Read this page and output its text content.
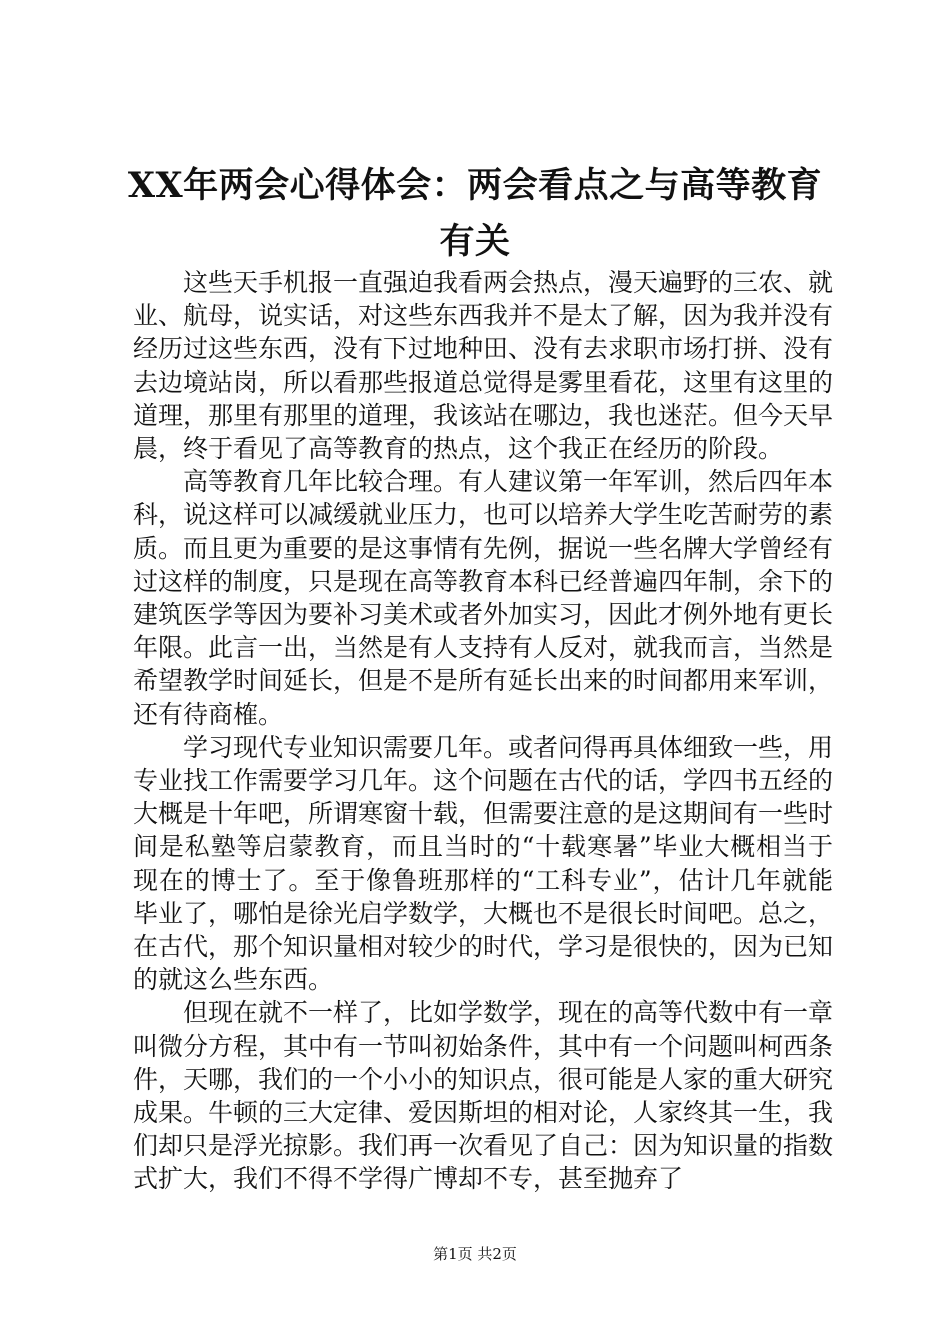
XX年两会心得体会：两会看点之与高等教育
有关

这些天手机报一直强迫我看两会热点，漫天遍野的三农、就业、航母，说实话，对这些东西我并不是太了解，因为我并没有经历过这些东西，没有下过地种田、没有去求职市场打拼、没有去边境站岗，所以看那些报道总觉得是雾里看花，这里有这里的道理，那里有那里的道理，我该站在哪边，我也迷茫。但今天早晨，终于看见了高等教育的热点，这个我正在经历的阶段。

高等教育几年比较合理。有人建议第一年军训，然后四年本科，说这样可以减缓就业压力，也可以培养大学生吃苦耐劳的素质。而且更为重要的是这事情有先例，据说一些名牌大学曾经有过这样的制度，只是现在高等教育本科已经普遍四年制，余下的建筑医学等因为要补习美术或者外加实习，因此才例外地有更长年限。此言一出，当然是有人支持有人反对，就我而言，当然是希望教学时间延长，但是不是所有延长出来的时间都用来军训，还有待商榷。

学习现代专业知识需要几年。或者问得再具体细致一些，用专业找工作需要学习几年。这个问题在古代的话，学四书五经的大概是十年吧，所谓寒窗十载，但需要注意的是这期间有一些时间是私塾等启蒙教育，而且当时的“十载寒暑”毕业大概相当于现在的博士了。至于像鲁班那样的“工科专业”，估计几年就能毕业了，哪怕是徐光启学数学，大概也不是很长时间吧。总之，在古代，那个知识量相对较少的时代，学习是很快的，因为已知的就这么些东西。

但现在就不一样了，比如学数学，现在的高等代数中有一章叫微分方程，其中有一节叫初始条件，其中有一个问题叫柯西条件，天哪，我们的一个小小的知识点，很可能是人家的重大研究成果。牛顿的三大定律、爱因斯坦的相对论，人家终其一生，我们却只是浮光掠影。我们再一次看见了自己：因为知识量的指数式扩大，我们不得不学得广博却不专，甚至抛弃了

第1页 共2页
